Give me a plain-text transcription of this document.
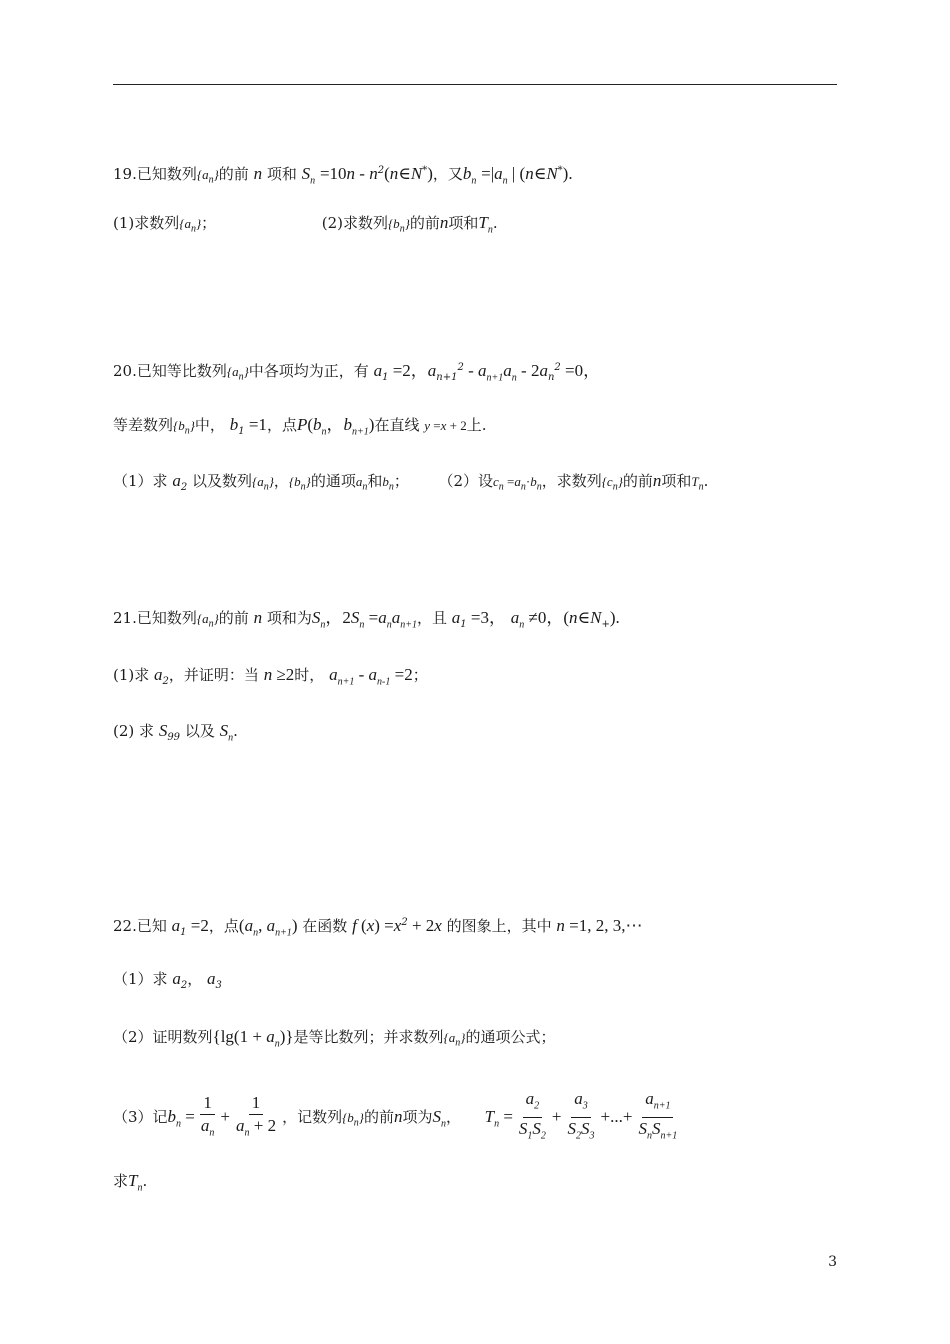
19.已知数列$\{a_n\}$的前 n 项和 $S_n =10n$ - $n^2(n\in N^*)$，又$b_n =|a_n$ | (n∈N*).
(1)求数列$\{a_n\}$；	(2)求数列$\{b_n\}$的前n项和$T_n$.
20.已知等比数列$\{a_n\}$中各项均为正，有 $a_1 =2$，$a_{n+1}^2 - a_{n+1}a_n - 2a_n^2 =0$，
等差数列$\{b_n\}$中， $b_1 =1$，点$P(b_n$，$b_{n+1}$)在直线 y =x + 2上.
（1）求 $a_2$ 以及数列$\{a_n\}$，$\{b_n\}$的通项$a_n$和$b_n$； （2）设$c_n =a_n\cdot b_n$，求数列$\{c_n\}$的前n项和$T_n$.
21.已知数列$\{a_n\}$的前 n 项和为$S_n$，$2S_n =a_na_{n+1}$，且 $a_1 =3$， $a_n \ne 0$，$(n\in N_+)$.
(1)求 $a_2$，并证明：当 n ≥2时， $a_{n+1} - a_{n-1} =2$；
(2) 求 $S_{99}$ 以及 $S_n$.
22.已知 $a_1 =2$，点($a_n$, $a_{n+1}$) 在函数 f $(x) =x^2 + 2x$ 的图象上，其中 n =1, 2, 3,⋯
（1）求 $a_2$， $a_3$
（2）证明数列$\{\lg(1 + a_n)\}$是等比数列；并求数列$\{a_n\}$的通项公式；
（3）记$b_n = \frac{1}{a_n} + \frac{1}{a_n + 2}$ ，记数列$\{b_n\}$的前n项为$S_n$， $T_n = \frac{a_2}{S_1S_2} + \frac{a_3}{S_2S_3}$ +...+ $\frac{a_{n+1}}{S_nS_{n+1}}$
求$T_n$.
3
